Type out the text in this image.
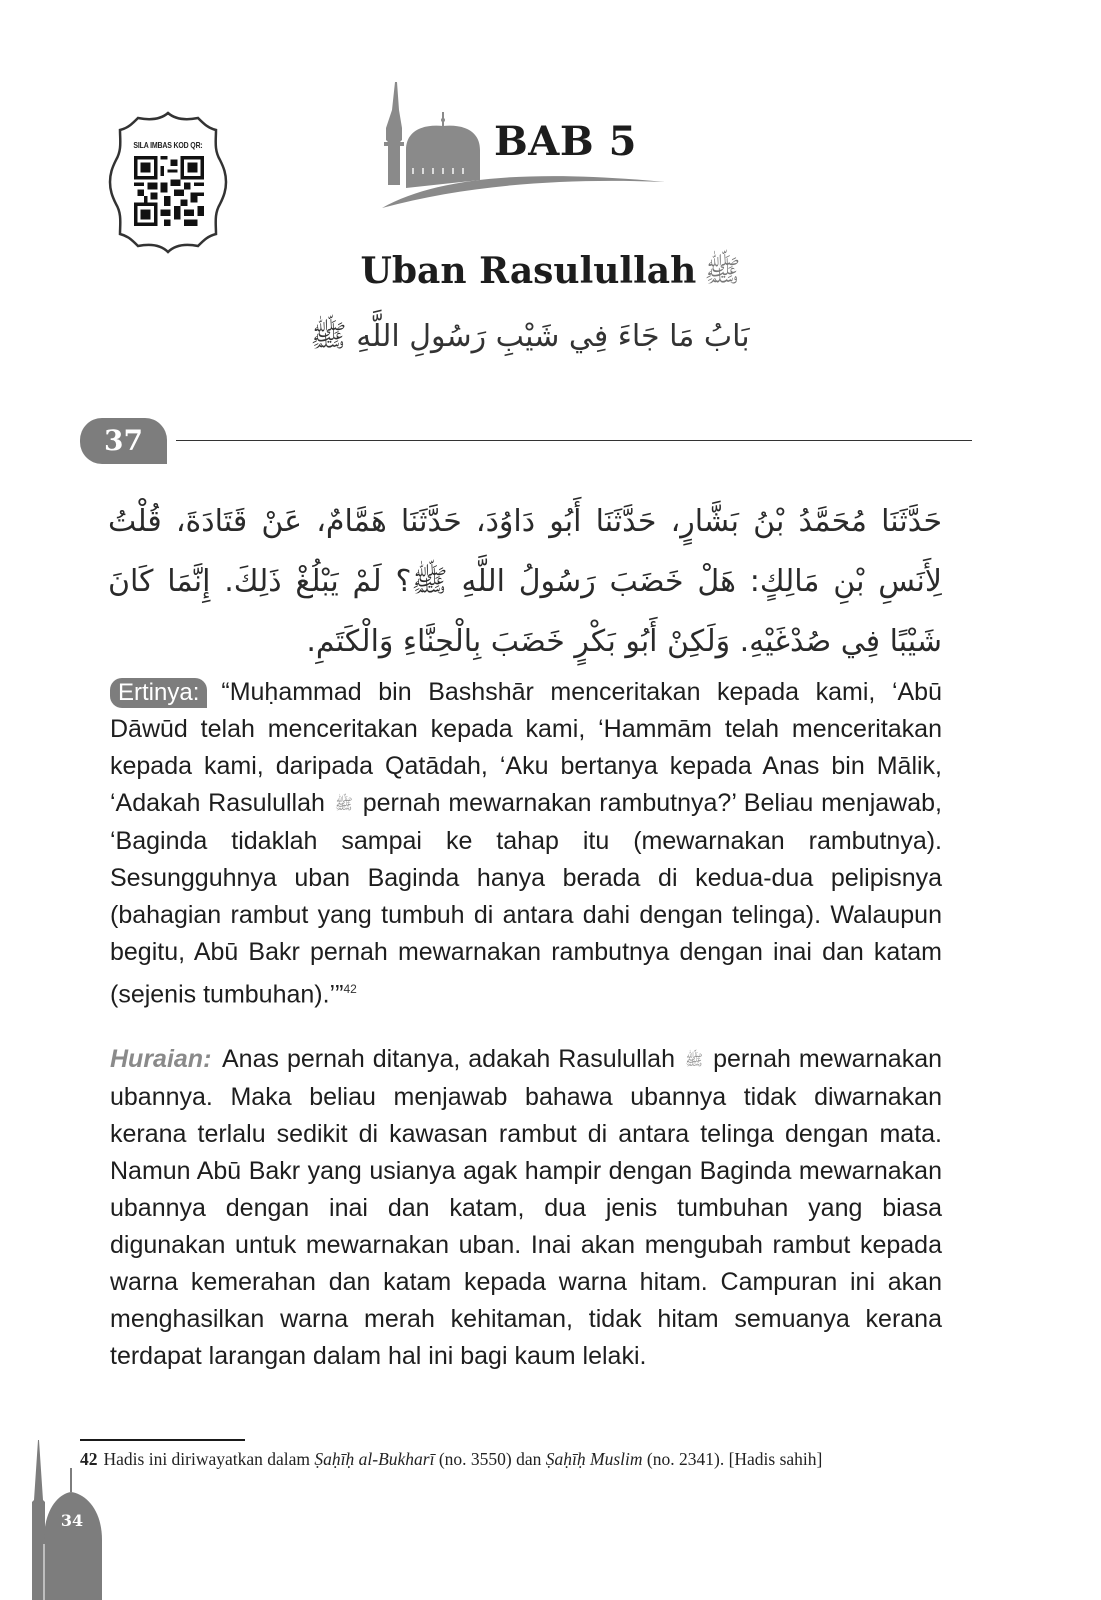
SILA IMBAS KOD QR:	BAB 5
Uban Rasulullah ﷺ
بَابُ مَا جَاءَ فِي شَيْبِ رَسُولِ اللَّهِ ﷺ
37
حَدَّثَنَا مُحَمَّدُ بْنُ بَشَّارٍ، حَدَّثَنَا أَبُو دَاوُدَ، حَدَّثَنَا هَمَّامٌ، عَنْ قَتَادَةَ، قُلْتُ لِأَنَسِ بْنِ مَالِكٍ: هَلْ خَضَبَ رَسُولُ اللَّهِ ﷺ؟ لَمْ يَبْلُغْ ذَلِكَ. إِنَّمَا كَانَ شَيْبًا فِي صُدْغَيْهِ. وَلَكِنْ أَبُو بَكْرٍ خَضَبَ بِالْحِنَّاءِ وَالْكَتَمِ.
Ertinya: “Muḥammad bin Bashshār menceritakan kepada kami, ‘Abū Dāwūd telah menceritakan kepada kami, ‘Hammām telah menceritakan kepada kami, daripada Qatādah, ‘Aku bertanya kepada Anas bin Mālik, ‘Adakah Rasulullah ﷺ pernah mewarnakan rambutnya?’ Beliau menjawab, ‘Baginda tidaklah sampai ke tahap itu (mewarnakan rambutnya). Sesungguhnya uban Baginda hanya berada di kedua-dua pelipisnya (bahagian rambut yang tumbuh di antara dahi dengan telinga). Walaupun begitu, Abū Bakr pernah mewarnakan rambutnya dengan inai dan katam (sejenis tumbuhan).’”$^{42}$
Huraian: Anas pernah ditanya, adakah Rasulullah ﷺ pernah mewarnakan ubannya. Maka beliau menjawab bahawa ubannya tidak diwarnakan kerana terlalu sedikit di kawasan rambut di antara telinga dengan mata. Namun Abū Bakr yang usianya agak hampir dengan Baginda mewarnakan ubannya dengan inai dan katam, dua jenis tumbuhan yang biasa digunakan untuk mewarnakan uban. Inai akan mengubah rambut kepada warna kemerahan dan katam kepada warna hitam. Campuran ini akan menghasilkan warna merah kehitaman, tidak hitam semuanya kerana terdapat larangan dalam hal ini bagi kaum lelaki.
42 Hadis ini diriwayatkan dalam Ṣaḥīḥ al-Bukharī (no. 3550) dan Ṣaḥīḥ Muslim (no. 2341). [Hadis sahih]
34
